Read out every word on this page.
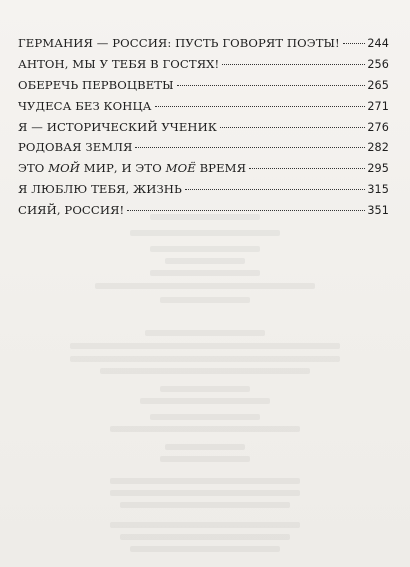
ГЕРМАНИЯ — РОССИЯ: ПУСТЬ ГОВОРЯТ ПОЭТЫ! 244
АНТОН, МЫ У ТЕБЯ В ГОСТЯХ!	256
ОБЕРЕЧЬ ПЕРВОЦВЕТЫ	265
ЧУДЕСА БЕЗ КОНЦА	271
Я — ИСТОРИЧЕСКИЙ УЧЕНИК	276
РОДОВАЯ ЗЕМЛЯ	282
ЭТО МОЙ МИР, И ЭТО МОЁ ВРЕМЯ	295
Я ЛЮБЛЮ ТЕБЯ, ЖИЗНЬ	315
СИЯЙ, РОССИЯ!	351
